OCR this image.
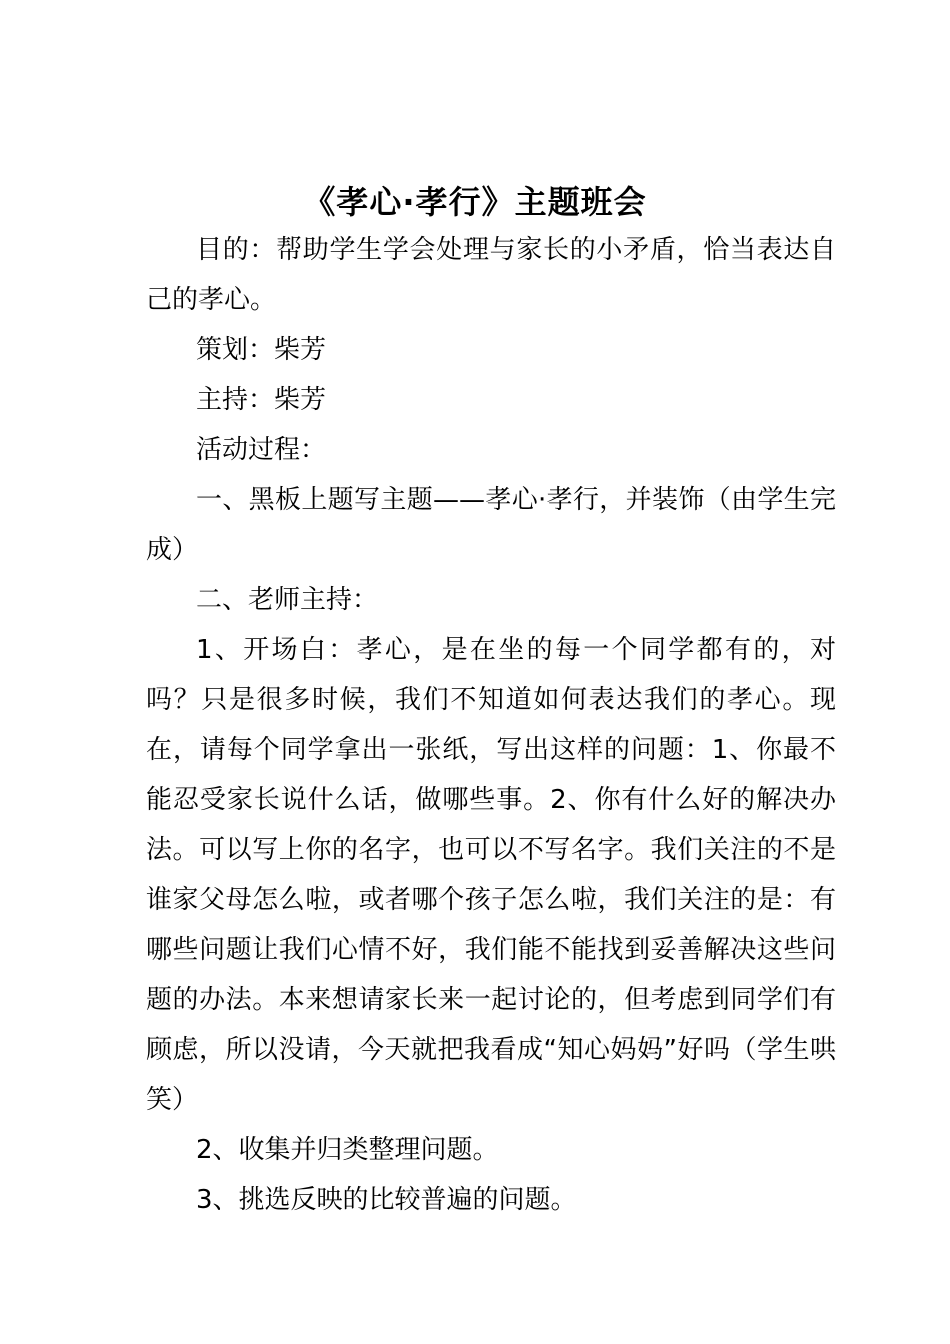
《孝心·孝行》主题班会

目的：帮助学生学会处理与家长的小矛盾，恰当表达自己的孝心。

策划：柴芳

主持：柴芳

活动过程：

一、黑板上题写主题——孝心·孝行，并装饰（由学生完成）

二、老师主持：

1、开场白：孝心，是在坐的每一个同学都有的，对吗？只是很多时候，我们不知道如何表达我们的孝心。现在，请每个同学拿出一张纸，写出这样的问题：1、你最不能忍受家长说什么话，做哪些事。2、你有什么好的解决办法。可以写上你的名字，也可以不写名字。我们关注的不是谁家父母怎么啦，或者哪个孩子怎么啦，我们关注的是：有哪些问题让我们心情不好，我们能不能找到妥善解决这些问题的办法。本来想请家长来一起讨论的，但考虑到同学们有顾虑，所以没请，今天就把我看成“知心妈妈”好吗（学生哄笑）

2、收集并归类整理问题。

3、挑选反映的比较普遍的问题。
